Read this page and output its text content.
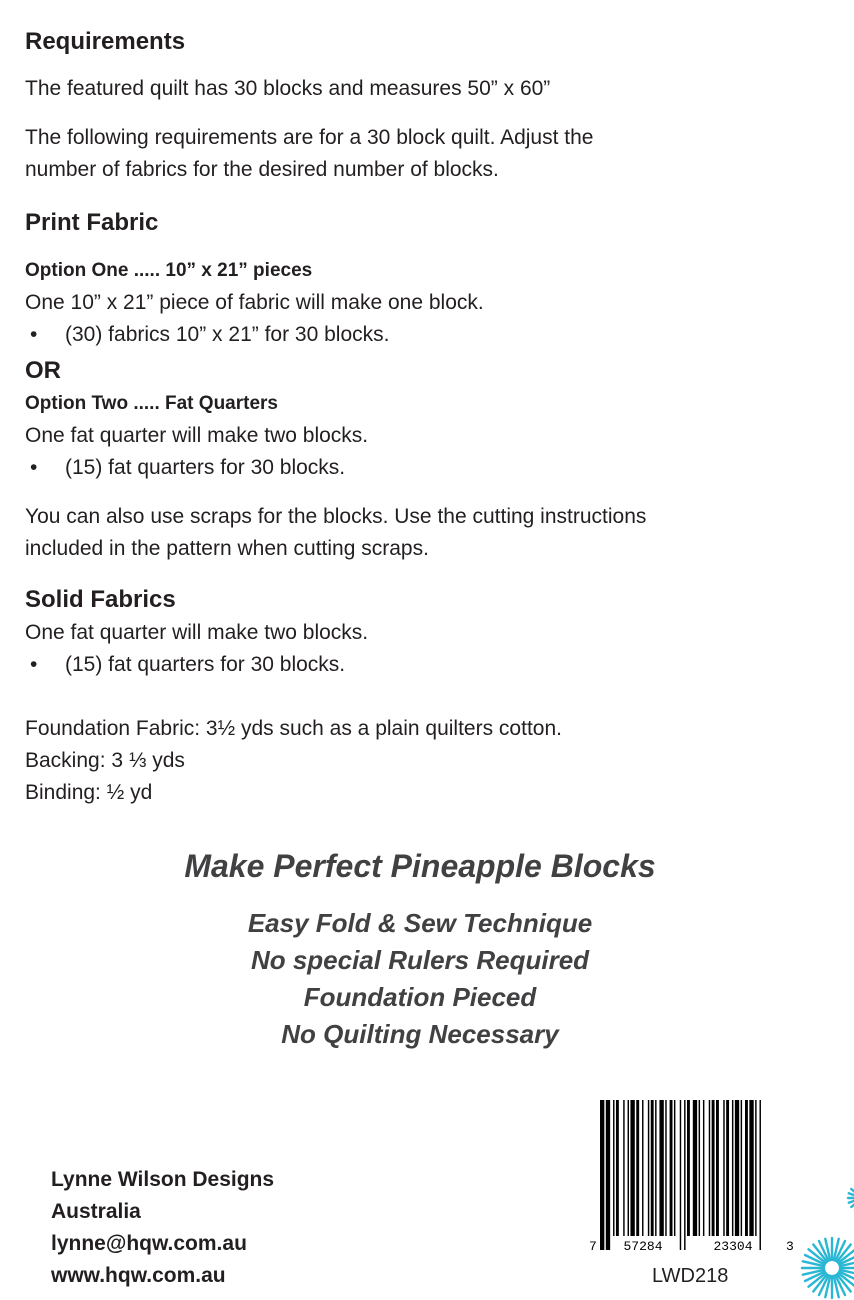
Requirements
The featured quilt has 30 blocks and measures 50” x 60”
The following requirements are for a 30 block quilt. Adjust the
number of fabrics for the desired number of blocks.
Print Fabric
Option One ..... 10” x 21” pieces
One 10” x 21” piece of fabric will make one block.
• (30) fabrics 10” x 21” for 30 blocks.
OR
Option Two ..... Fat Quarters
One fat quarter will make two blocks.
• (15) fat quarters for 30 blocks.
You can also use scraps for the blocks. Use the cutting instructions
included in the pattern when cutting scraps.
Solid Fabrics
One fat quarter will make two blocks.
• (15) fat quarters for 30 blocks.
Foundation Fabric: 3½ yds such as a plain quilters cotton.
Backing: 3 ⅓ yds
Binding: ½ yd
Make Perfect Pineapple Blocks
Easy Fold & Sew Technique
No special Rulers Required
Foundation Pieced
No Quilting Necessary
Lynne Wilson Designs
Australia
lynne@hqw.com.au
www.hqw.com.au
7 57284	23304	3
LWD218
